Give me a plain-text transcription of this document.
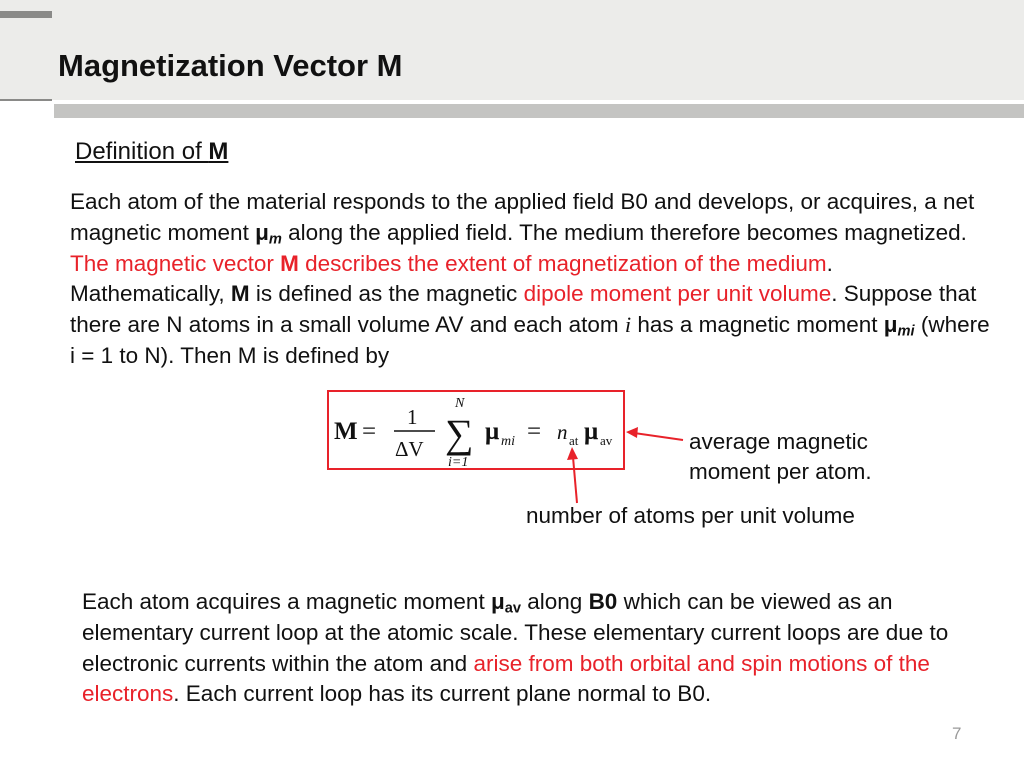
Magnetization Vector M
Definition of M
Each atom of the material responds to the applied field B0 and develops, or acquires, a net magnetic moment $\mu_m$ along the applied field. The medium therefore becomes magnetized. The magnetic vector M describes the extent of magnetization of the medium. Mathematically, M is defined as the magnetic dipole moment per unit volume. Suppose that there are N atoms in a small volume AV and each atom i has a magnetic moment $\mu_{mi}$ (where i = 1 to N). Then M is defined by
M =
1
ΔV
N
∑
i=1
μ mi = n at μ av	average magnetic moment per atom.
number of atoms per unit volume
Each atom acquires a magnetic moment $\mu_{av}$ along B0 which can be viewed as an elementary current loop at the atomic scale. These elementary current loops are due to electronic currents within the atom and arise from both orbital and spin motions of the electrons. Each current loop has its current plane normal to B0.
7
